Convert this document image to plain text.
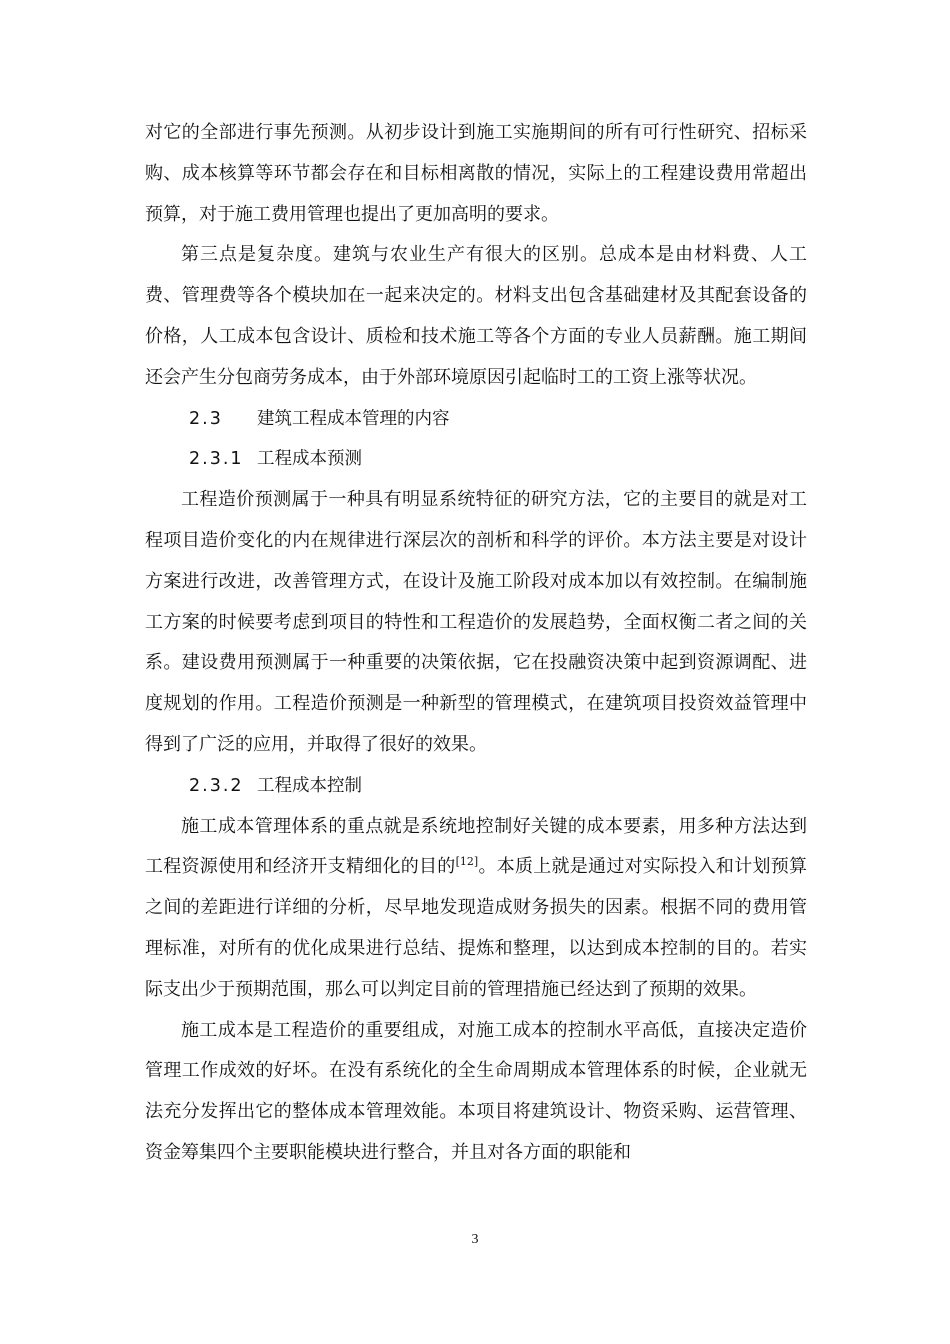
对它的全部进行事先预测。从初步设计到施工实施期间的所有可行性研究、招标采购、成本核算等环节都会存在和目标相离散的情况，实际上的工程建设费用常超出预算，对于施工费用管理也提出了更加高明的要求。

第三点是复杂度。建筑与农业生产有很大的区别。总成本是由材料费、人工费、管理费等各个模块加在一起来决定的。材料支出包含基础建材及其配套设备的价格，人工成本包含设计、质检和技术施工等各个方面的专业人员薪酬。施工期间还会产生分包商劳务成本，由于外部环境原因引起临时工的工资上涨等状况。

2.3 建筑工程成本管理的内容
2.3.1 工程成本预测

工程造价预测属于一种具有明显系统特征的研究方法，它的主要目的就是对工程项目造价变化的内在规律进行深层次的剖析和科学的评价。本方法主要是对设计方案进行改进，改善管理方式，在设计及施工阶段对成本加以有效控制。在编制施工方案的时候要考虑到项目的特性和工程造价的发展趋势，全面权衡二者之间的关系。建设费用预测属于一种重要的决策依据，它在投融资决策中起到资源调配、进度规划的作用。工程造价预测是一种新型的管理模式，在建筑项目投资效益管理中得到了广泛的应用，并取得了很好的效果。

2.3.2 工程成本控制

施工成本管理体系的重点就是系统地控制好关键的成本要素，用多种方法达到工程资源使用和经济开支精细化的目的[12]。本质上就是通过对实际投入和计划预算之间的差距进行详细的分析，尽早地发现造成财务损失的因素。根据不同的费用管理标准，对所有的优化成果进行总结、提炼和整理，以达到成本控制的目的。若实际支出少于预期范围，那么可以判定目前的管理措施已经达到了预期的效果。

施工成本是工程造价的重要组成，对施工成本的控制水平高低，直接决定造价管理工作成效的好坏。在没有系统化的全生命周期成本管理体系的时候，企业就无法充分发挥出它的整体成本管理效能。本项目将建筑设计、物资采购、运营管理、资金筹集四个主要职能模块进行整合，并且对各方面的职能和

3
